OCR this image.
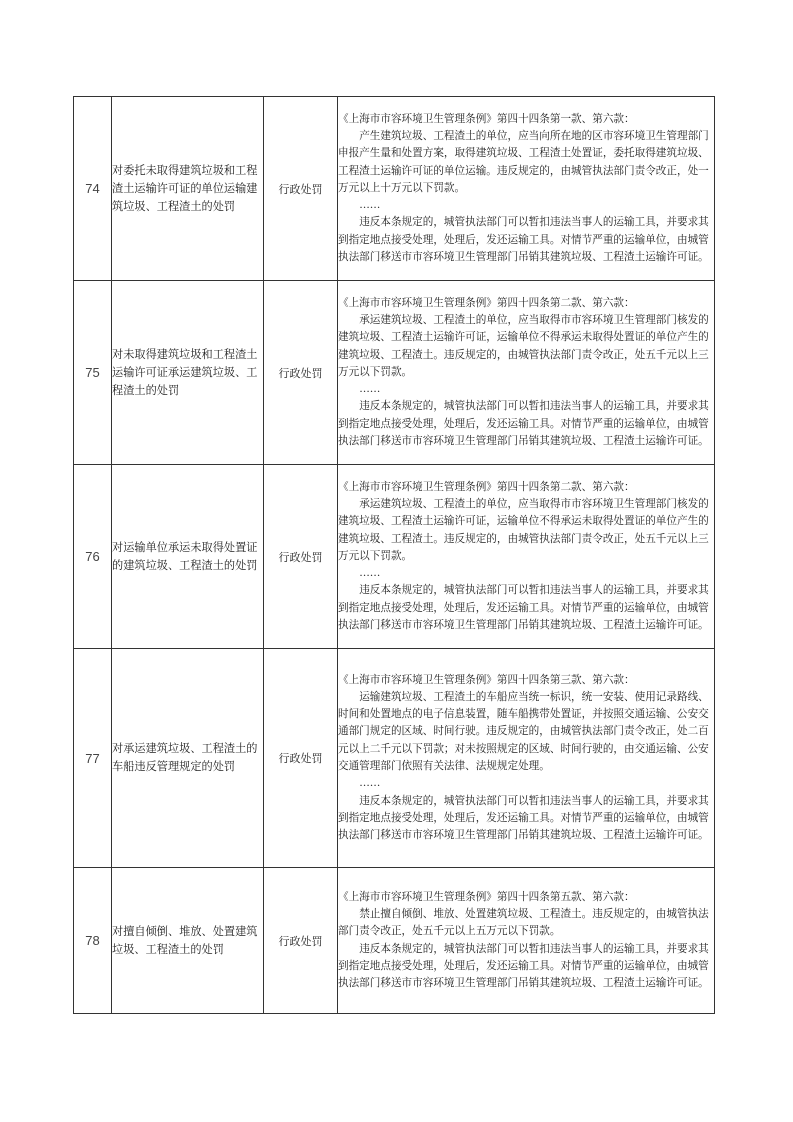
74	对委托未取得建筑垃圾和工程渣土运输许可证的单位运输建筑垃圾、工程渣土的处罚	行政处罚	《上海市市容环境卫生管理条例》第四十四条第一款、第六款：

产生建筑垃圾、工程渣土的单位，应当向所在地的区市容环境卫生管理部门申报产生量和处置方案，取得建筑垃圾、工程渣土处置证，委托取得建筑垃圾、工程渣土运输许可证的单位运输。违反规定的，由城管执法部门责令改正，处一万元以上十万元以下罚款。

……

违反本条规定的，城管执法部门可以暂扣违法当事人的运输工具，并要求其到指定地点接受处理，处理后，发还运输工具。对情节严重的运输单位，由城管执法部门移送市市容环境卫生管理部门吊销其建筑垃圾、工程渣土运输许可证。

75	对未取得建筑垃圾和工程渣土运输许可证承运建筑垃圾、工程渣土的处罚	行政处罚	《上海市市容环境卫生管理条例》第四十四条第二款、第六款：

承运建筑垃圾、工程渣土的单位，应当取得市市容环境卫生管理部门核发的建筑垃圾、工程渣土运输许可证，运输单位不得承运未取得处置证的单位产生的建筑垃圾、工程渣土。违反规定的，由城管执法部门责令改正，处五千元以上三万元以下罚款。

……

违反本条规定的，城管执法部门可以暂扣违法当事人的运输工具，并要求其到指定地点接受处理，处理后，发还运输工具。对情节严重的运输单位，由城管执法部门移送市市容环境卫生管理部门吊销其建筑垃圾、工程渣土运输许可证。

76	对运输单位承运未取得处置证的建筑垃圾、工程渣土的处罚	行政处罚	《上海市市容环境卫生管理条例》第四十四条第二款、第六款：

承运建筑垃圾、工程渣土的单位，应当取得市市容环境卫生管理部门核发的建筑垃圾、工程渣土运输许可证，运输单位不得承运未取得处置证的单位产生的建筑垃圾、工程渣土。违反规定的，由城管执法部门责令改正，处五千元以上三万元以下罚款。

……

违反本条规定的，城管执法部门可以暂扣违法当事人的运输工具，并要求其到指定地点接受处理，处理后，发还运输工具。对情节严重的运输单位，由城管执法部门移送市市容环境卫生管理部门吊销其建筑垃圾、工程渣土运输许可证。

77	对承运建筑垃圾、工程渣土的车船违反管理规定的处罚	行政处罚	《上海市市容环境卫生管理条例》第四十四条第三款、第六款：

运输建筑垃圾、工程渣土的车船应当统一标识，统一安装、使用记录路线、时间和处置地点的电子信息装置，随车船携带处置证，并按照交通运输、公安交通部门规定的区域、时间行驶。违反规定的，由城管执法部门责令改正，处二百元以上二千元以下罚款；对未按照规定的区域、时间行驶的，由交通运输、公安交通管理部门依照有关法律、法规规定处理。

……

违反本条规定的，城管执法部门可以暂扣违法当事人的运输工具，并要求其到指定地点接受处理，处理后，发还运输工具。对情节严重的运输单位，由城管执法部门移送市市容环境卫生管理部门吊销其建筑垃圾、工程渣土运输许可证。

78	对擅自倾倒、堆放、处置建筑垃圾、工程渣土的处罚	行政处罚	《上海市市容环境卫生管理条例》第四十四条第五款、第六款：

禁止擅自倾倒、堆放、处置建筑垃圾、工程渣土。违反规定的，由城管执法部门责令改正，处五千元以上五万元以下罚款。

违反本条规定的，城管执法部门可以暂扣违法当事人的运输工具，并要求其到指定地点接受处理，处理后，发还运输工具。对情节严重的运输单位，由城管执法部门移送市市容环境卫生管理部门吊销其建筑垃圾、工程渣土运输许可证。
